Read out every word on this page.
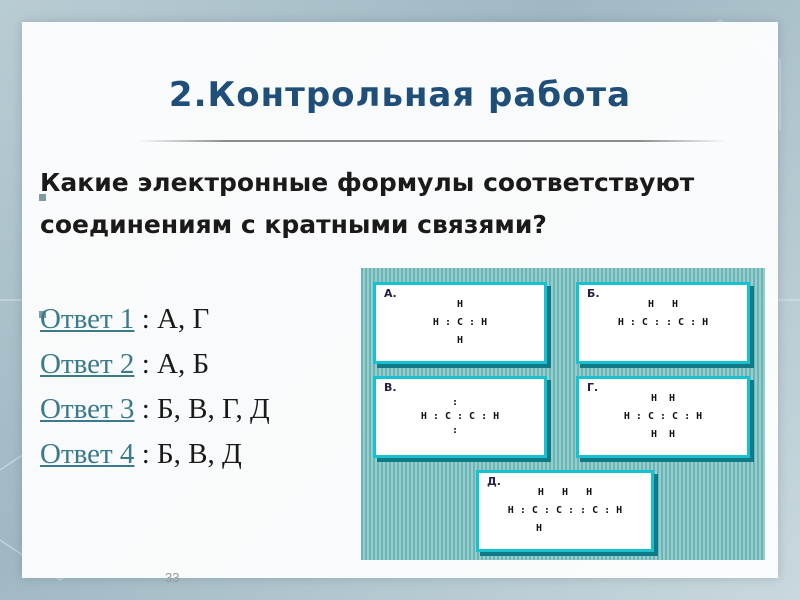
2.Контрольная работа
Какие электронные формулы соответствуют соединениям с кратными связями?
Ответ 1 : А, Г
Ответ 2 : А, Б
Ответ 3 : Б, В, Г, Д
Ответ 4 : Б, В, Д
33
А.
H
H : C : H
H
Б.
H   H
H : C : : C : H
В.
:
H : C : C : H
:
Г.
H  H
H : C : C : H
H  H
Д.
H   H   H
H : C : C : : C : H
H
